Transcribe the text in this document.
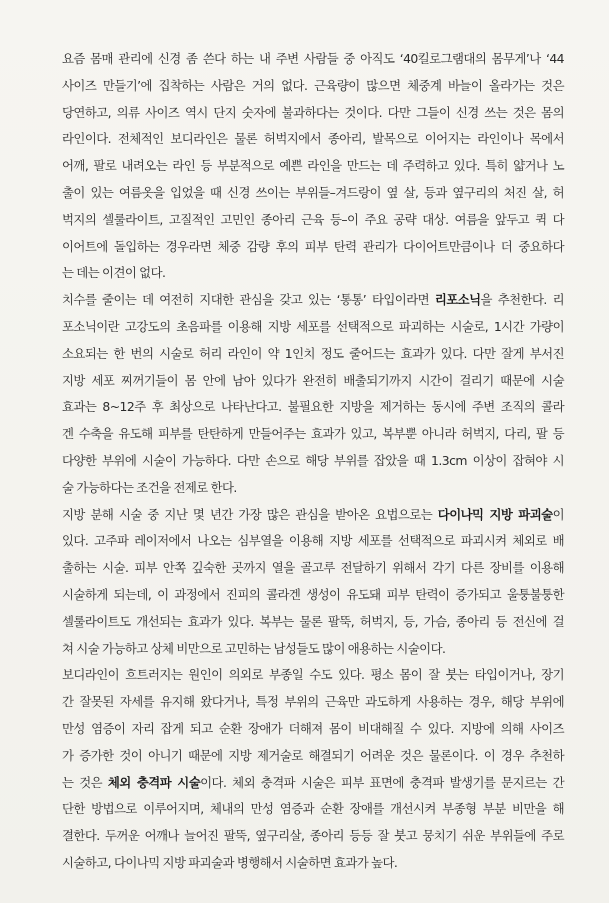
요즘 몸매 관리에 신경 좀 쓴다 하는 내 주변 사람들 중 아직도 ‘40킬로그램대의 몸무게’나 ‘44
사이즈 만들기’에 집착하는 사람은 거의 없다. 근육량이 많으면 체중계 바늘이 올라가는 것은
당연하고, 의류 사이즈 역시 단지 숫자에 불과하다는 것이다. 다만 그들이 신경 쓰는 것은 몸의
라인이다. 전체적인 보디라인은 물론 허벅지에서 종아리, 발목으로 이어지는 라인이나 목에서
어깨, 팔로 내려오는 라인 등 부분적으로 예쁜 라인을 만드는 데 주력하고 있다. 특히 얇거나 노
출이 있는 여름옷을 입었을 때 신경 쓰이는 부위들–겨드랑이 옆 살, 등과 옆구리의 처진 살, 허
벅지의 셀룰라이트, 고질적인 고민인 종아리 근육 등–이 주요 공략 대상. 여름을 앞두고 퀵 다
이어트에 돌입하는 경우라면 체중 감량 후의 피부 탄력 관리가 다이어트만큼이나 더 중요하다
는 데는 이견이 없다.
치수를 줄이는 데 여전히 지대한 관심을 갖고 있는 ‘통통’ 타입이라면 리포소닉을 추천한다. 리
포소닉이란 고강도의 초음파를 이용해 지방 세포를 선택적으로 파괴하는 시술로, 1시간 가량이
소요되는 한 번의 시술로 허리 라인이 약 1인치 정도 줄어드는 효과가 있다. 다만 잘게 부서진
지방 세포 찌꺼기들이 몸 안에 남아 있다가 완전히 배출되기까지 시간이 걸리기 때문에 시술
효과는 8~12주 후 최상으로 나타난다고. 불필요한 지방을 제거하는 동시에 주변 조직의 콜라
겐 수축을 유도해 피부를 탄탄하게 만들어주는 효과가 있고, 복부뿐 아니라 허벅지, 다리, 팔 등
다양한 부위에 시술이 가능하다. 다만 손으로 해당 부위를 잡았을 때 1.3cm 이상이 잡혀야 시
술 가능하다는 조건을 전제로 한다.
지방 분해 시술 중 지난 몇 년간 가장 많은 관심을 받아온 요법으로는 다이나믹 지방 파괴술이
있다. 고주파 레이저에서 나오는 심부열을 이용해 지방 세포를 선택적으로 파괴시켜 체외로 배
출하는 시술. 피부 안쪽 깊숙한 곳까지 열을 골고루 전달하기 위해서 각기 다른 장비를 이용해
시술하게 되는데, 이 과정에서 진피의 콜라겐 생성이 유도돼 피부 탄력이 증가되고 울퉁불퉁한
셀룰라이트도 개선되는 효과가 있다. 복부는 물론 팔뚝, 허벅지, 등, 가슴, 종아리 등 전신에 걸
쳐 시술 가능하고 상체 비만으로 고민하는 남성들도 많이 애용하는 시술이다.
보디라인이 흐트러지는 원인이 의외로 부종일 수도 있다. 평소 몸이 잘 붓는 타입이거나, 장기
간 잘못된 자세를 유지해 왔다거나, 특정 부위의 근육만 과도하게 사용하는 경우, 해당 부위에
만성 염증이 자리 잡게 되고 순환 장애가 더해져 몸이 비대해질 수 있다. 지방에 의해 사이즈
가 증가한 것이 아니기 때문에 지방 제거술로 해결되기 어려운 것은 물론이다. 이 경우 추천하
는 것은 체외 충격파 시술이다. 체외 충격파 시술은 피부 표면에 충격파 발생기를 문지르는 간
단한 방법으로 이루어지며, 체내의 만성 염증과 순환 장애를 개선시켜 부종형 부분 비만을 해
결한다. 두꺼운 어깨나 늘어진 팔뚝, 옆구리살, 종아리 등등 잘 붓고 뭉치기 쉬운 부위들에 주로
시술하고, 다이나믹 지방 파괴술과 병행해서 시술하면 효과가 높다.
